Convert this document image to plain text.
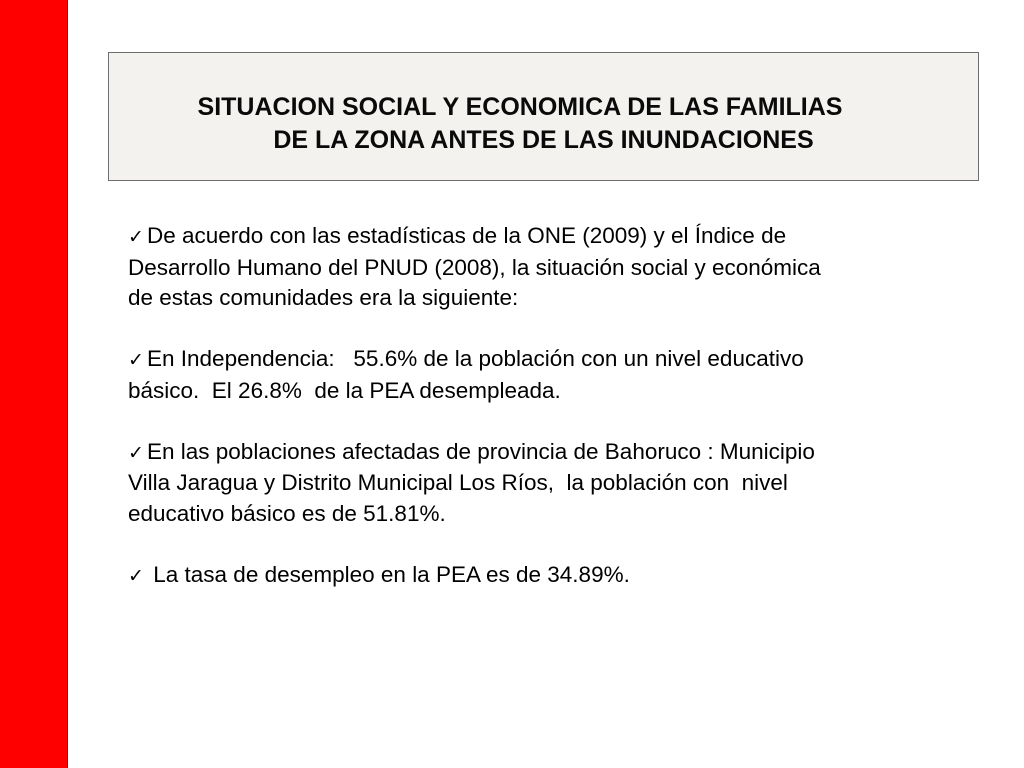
SITUACION SOCIAL Y ECONOMICA DE LAS FAMILIAS
DE LA ZONA ANTES DE LAS INUNDACIONES
✓ De acuerdo con las estadísticas de la ONE (2009) y el Índice de
Desarrollo Humano del PNUD (2008), la situación social y económica
de estas comunidades era la siguiente:
✓ En Independencia:   55.6% de la población con un nivel educativo
básico.  El 26.8%  de la PEA desempleada.
✓ En las poblaciones afectadas de provincia de Bahoruco : Municipio
Villa Jaragua y Distrito Municipal Los Ríos,  la población con  nivel
educativo básico es de 51.81%.
✓ La tasa de desempleo en la PEA es de 34.89%.
